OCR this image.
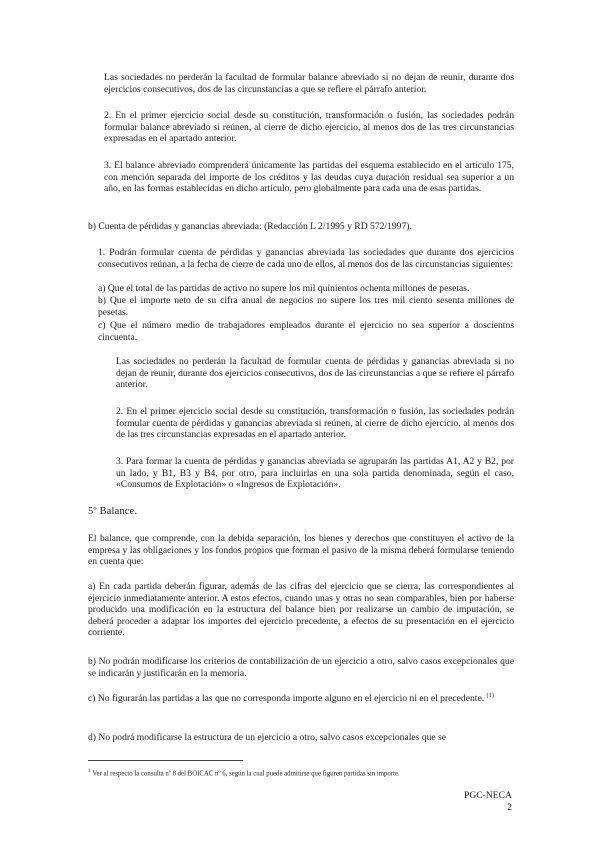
Las sociedades no perderán la facultad de formular balance abreviado si no dejan de reunir, durante dos ejercicios consecutivos, dos de las circunstancias a que se refiere el párrafo anterior.

2. En el primer ejercicio social desde su constitución, transformación o fusión, las sociedades podrán formular balance abreviado si reúnen, al cierre de dicho ejercicio, al menos dos de las tres circunstancias expresadas en el apartado anterior.

3. El balance abreviado comprenderá únicamente las partidas del esquema establecido en el artículo 175, con mención separada del importe de los créditos y las deudas cuya duración residual sea superior a un año, en las formas establecidas en dicho artículo, pero globalmente para cada una de esas partidas.

b) Cuenta de pérdidas y ganancias abreviada: (Redacción L 2/1995 y RD 572/1997).

1. Podrán formular cuenta de pérdidas y ganancias abreviada las sociedades que durante dos ejercicios consecutivos reúnan, a la fecha de cierre de cada uno de ellos, al menos dos de las circunstancias siguientes:

a) Que el total de las partidas de activo no supere los mil quinientos ochenta millones de pesetas.

b) Que el importe neto de su cifra anual de negocios no supere los tres mil ciento sesenta millones de pesetas.

c) Que el número medio de trabajadores empleados durante el ejercicio no sea superior a doscientos cincuenta.

Las sociedades no perderán la facultad de formular cuenta de pérdidas y ganancias abreviada si no dejan de reunir, durante dos ejercicios consecutivos, dos de las circunstancias a que se refiere el párrafo anterior.

2. En el primer ejercicio social desde su constitución, transformación o fusión, las sociedades podrán formular cuenta de pérdidas y ganancias abreviada si reúnen, al cierre de dicho ejercicio, al menos dos de las tres circunstancias expresadas en el apartado anterior.

3. Para formar la cuenta de pérdidas y ganancias abreviada se agruparán las partidas A1, A2 y B2, por un lado, y B1, B3 y B4, por otro, para incluirlas en una sola partida denominada, según el caso, «Consumos de Explotación» o «Ingresos de Explotación».

5º Balance.

El balance, que comprende, con la debida separación, los bienes y derechos que constituyen el activo de la empresa y las obligaciones y los fondos propios que forman el pasivo de la misma deberá formularse teniendo en cuenta que:

a) En cada partida deberán figurar, además de las cifras del ejercicio que se cierra, las correspondientes al ejercicio inmediatamente anterior. A estos efectos, cuando unas y otras no sean comparables, bien por haberse producido una modificación en la estructura del balance bien por realizarse un cambio de imputación, se deberá proceder a adaptar los importes del ejercicio precedente, a efectos de su presentación en el ejercicio corriente.

b) No podrán modificarse los criterios de contabilización de un ejercicio a otro, salvo casos excepcionales que se indicarán y justificarán en la memoria.

c) No figurarán las partidas a las que no corresponda importe alguno en el ejercicio ni en el precedente. $^{(1)}$

d) No podrá modificarse la estructura de un ejercicio a otro, salvo casos excepcionales que se

$^1$ Ver al respecto la consulta nº 8 del BOICAC nº 6, según la cual puede admitirse que figuren partidas sin importe.

PGC-NECA
2
